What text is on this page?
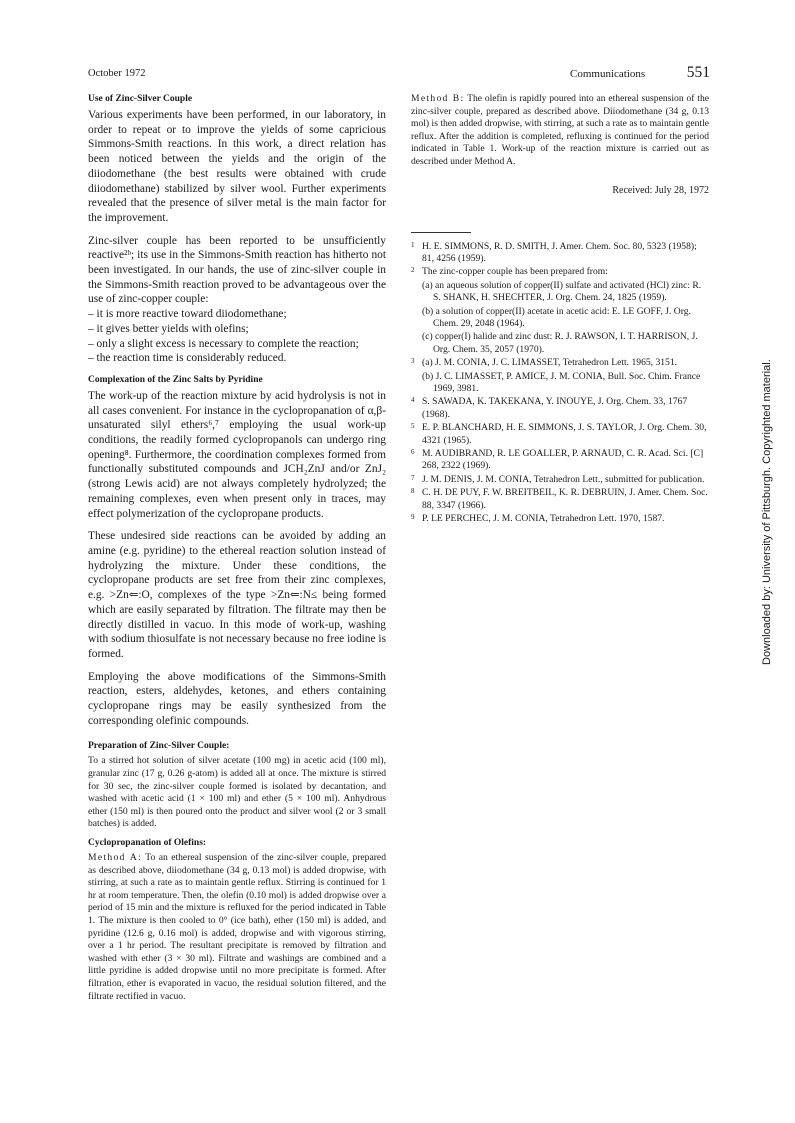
October 1972	Communications	551

Use of Zinc-Silver Couple

Various experiments have been performed, in our laboratory, in order to repeat or to improve the yields of some capricious Simmons-Smith reactions. In this work, a direct relation has been noticed between the yields and the origin of the diiodomethane (the best results were obtained with crude diiodomethane) stabilized by silver wool. Further experiments revealed that the presence of silver metal is the main factor for the improvement.

Zinc-silver couple has been reported to be unsufficiently reactive²ᵇ; its use in the Simmons-Smith reaction has hitherto not been investigated. In our hands, the use of zinc-silver couple in the Simmons-Smith reaction proved to be advantageous over the use of zinc-copper couple:

– it is more reactive toward diiodomethane;
– it gives better yields with olefins;
– only a slight excess is necessary to complete the reaction;
– the reaction time is considerably reduced.

Complexation of the Zinc Salts by Pyridine

The work-up of the reaction mixture by acid hydrolysis is not in all cases convenient. For instance in the cyclopropanation of α,β-unsaturated silyl ethers⁶,⁷ employing the usual work-up conditions, the readily formed cyclopropanols can undergo ring opening⁸. Furthermore, the coordination complexes formed from functionally substituted compounds and JCH₂ZnJ and/or ZnJ₂ (strong Lewis acid) are not always completely hydrolyzed; the remaining complexes, even when present only in traces, may effect polymerization of the cyclopropane products.

These undesired side reactions can be avoided by adding an amine (e.g. pyridine) to the ethereal reaction solution instead of hydrolyzing the mixture. Under these conditions, the cyclopropane products are set free from their zinc complexes, e.g. >Zn⇐:O, complexes of the type >Zn⇐:N≤ being formed which are easily separated by filtration. The filtrate may then be directly distilled in vacuo. In this mode of work-up, washing with sodium thiosulfate is not necessary because no free iodine is formed.

Employing the above modifications of the Simmons-Smith reaction, esters, aldehydes, ketones, and ethers containing cyclopropane rings may be easily synthesized from the corresponding olefinic compounds.

Preparation of Zinc-Silver Couple:

To a stirred hot solution of silver acetate (100 mg) in acetic acid (100 ml), granular zinc (17 g, 0.26 g-atom) is added all at once. The mixture is stirred for 30 sec, the zinc-silver couple formed is isolated by decantation, and washed with acetic acid (1 × 100 ml) and ether (5 × 100 ml). Anhydrous ether (150 ml) is then poured onto the product and silver wool (2 or 3 small batches) is added.

Cyclopropanation of Olefins:

Method A: To an ethereal suspension of the zinc-silver couple, prepared as described above, diiodomethane (34 g, 0.13 mol) is added dropwise, with stirring, at such a rate as to maintain gentle reflux. Stirring is continued for 1 hr at room temperature. Then, the olefin (0.10 mol) is added dropwise over a period of 15 min and the mixture is refluxed for the period indicated in Table 1. The mixture is then cooled to 0° (ice bath), ether (150 ml) is added, and pyridine (12.6 g, 0.16 mol) is added, dropwise and with vigorous stirring, over a 1 hr period. The resultant precipitate is removed by filtration and washed with ether (3 × 30 ml). Filtrate and washings are combined and a little pyridine is added dropwise until no more precipitate is formed. After filtration, ether is evaporated in vacuo, the residual solution filtered, and the filtrate rectified in vacuo.

Method B: The olefin is rapidly poured into an ethereal suspension of the zinc-silver couple, prepared as described above. Diiodomethane (34 g, 0.13 mol) is then added dropwise, with stirring, at such a rate as to maintain gentle reflux. After the addition is completed, refluxing is continued for the period indicated in Table 1. Work-up of the reaction mixture is carried out as described under Method A.

Received: July 28, 1972

1 H. E. SIMMONS, R. D. SMITH, J. Amer. Chem. Soc. 80, 5323 (1958); 81, 4256 (1959).
2 The zinc-copper couple has been prepared from:
(a) an aqueous solution of copper(II) sulfate and activated (HCl) zinc: R. S. SHANK, H. SHECHTER, J. Org. Chem. 24, 1825 (1959).
(b) a solution of copper(II) acetate in acetic acid: E. LE GOFF, J. Org. Chem. 29, 2048 (1964).
(c) copper(I) halide and zinc dust: R. J. RAWSON, I. T. HARRISON, J. Org. Chem. 35, 2057 (1970).
3 (a) J. M. CONIA, J. C. LIMASSET, Tetrahedron Lett. 1965, 3151.
(b) J. C. LIMASSET, P. AMICE, J. M. CONIA, Bull. Soc. Chim. France 1969, 3981.
4 S. SAWADA, K. TAKEKANA, Y. INOUYE, J. Org. Chem. 33, 1767 (1968).
5 E. P. BLANCHARD, H. E. SIMMONS, J. S. TAYLOR, J. Org. Chem. 30, 4321 (1965).
6 M. AUDIBRAND, R. LE GOALLER, P. ARNAUD, C. R. Acad. Sci. [C] 268, 2322 (1969).
7 J. M. DENIS, J. M. CONIA, Tetrahedron Lett., submitted for publication.
8 C. H. DE PUY, F. W. BREITBEIL, K. R. DEBRUIN, J. Amer. Chem. Soc. 88, 3347 (1966).
9 P. LE PERCHEC, J. M. CONIA, Tetrahedron Lett. 1970, 1587.	Downloaded by: University of Pittsburgh. Copyrighted material.
